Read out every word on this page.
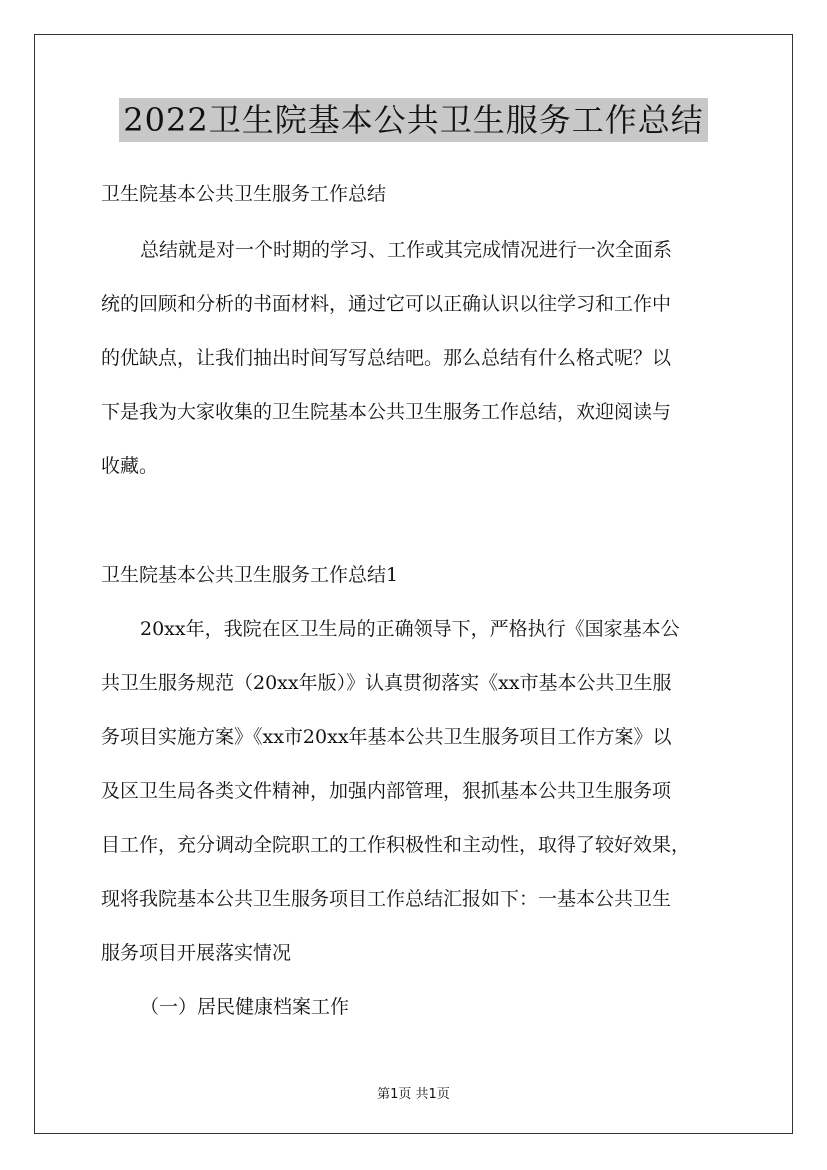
2022卫生院基本公共卫生服务工作总结
卫生院基本公共卫生服务工作总结
总结就是对一个时期的学习、工作或其完成情况进行一次全面系
统的回顾和分析的书面材料，通过它可以正确认识以往学习和工作中
的优缺点，让我们抽出时间写写总结吧。那么总结有什么格式呢？以
下是我为大家收集的卫生院基本公共卫生服务工作总结，欢迎阅读与
收藏。
卫生院基本公共卫生服务工作总结1
20xx年，我院在区卫生局的正确领导下，严格执行《国家基本公
共卫生服务规范（20xx年版）》认真贯彻落实《xx市基本公共卫生服
务项目实施方案》《xx市20xx年基本公共卫生服务项目工作方案》以
及区卫生局各类文件精神，加强内部管理，狠抓基本公共卫生服务项
目工作，充分调动全院职工的工作积极性和主动性，取得了较好效果，
现将我院基本公共卫生服务项目工作总结汇报如下：一基本公共卫生
服务项目开展落实情况
（一）居民健康档案工作
第1页 共1页
